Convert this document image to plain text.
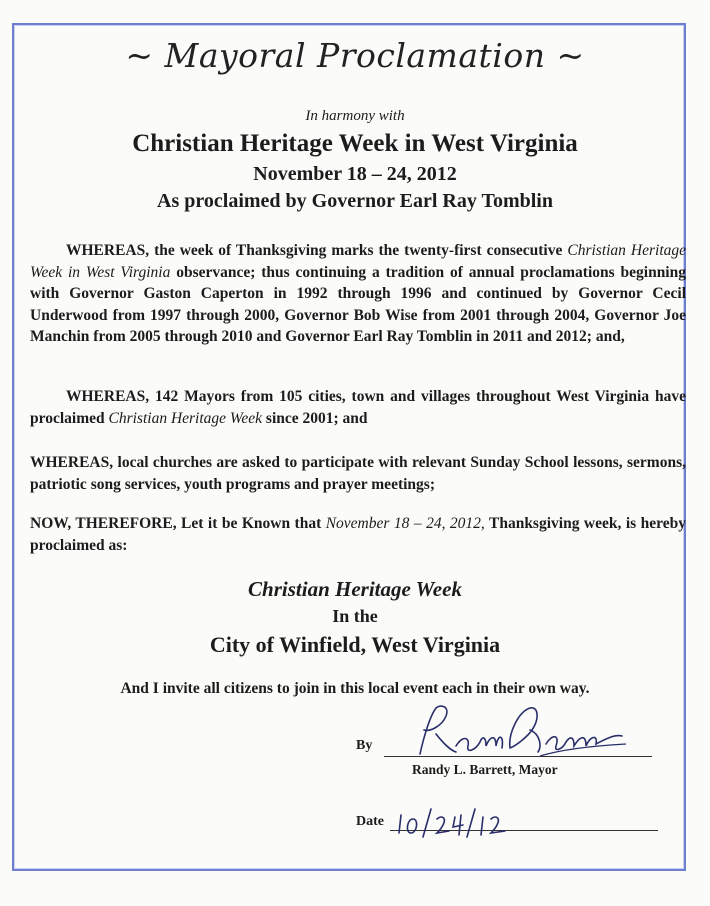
~ Mayoral Proclamation ~
In harmony with
Christian Heritage Week in West Virginia
November 18 – 24, 2012
As proclaimed by Governor Earl Ray Tomblin
WHEREAS, the week of Thanksgiving marks the twenty-first consecutive Christian Heritage Week in West Virginia observance; thus continuing a tradition of annual proclamations beginning with Governor Gaston Caperton in 1992 through 1996 and continued by Governor Cecil Underwood from 1997 through 2000, Governor Bob Wise from 2001 through 2004, Governor Joe Manchin from 2005 through 2010 and Governor Earl Ray Tomblin in 2011 and 2012; and,
WHEREAS, 142 Mayors from 105 cities, town and villages throughout West Virginia have proclaimed Christian Heritage Week since 2001; and
WHEREAS, local churches are asked to participate with relevant Sunday School lessons, sermons, patriotic song services, youth programs and prayer meetings;
NOW, THEREFORE, Let it be Known that November 18 – 24, 2012, Thanksgiving week, is hereby proclaimed as:
Christian Heritage Week
In the
City of Winfield, West Virginia
And I invite all citizens to join in this local event each in their own way.
By
Randy L. Barrett, Mayor
Date
